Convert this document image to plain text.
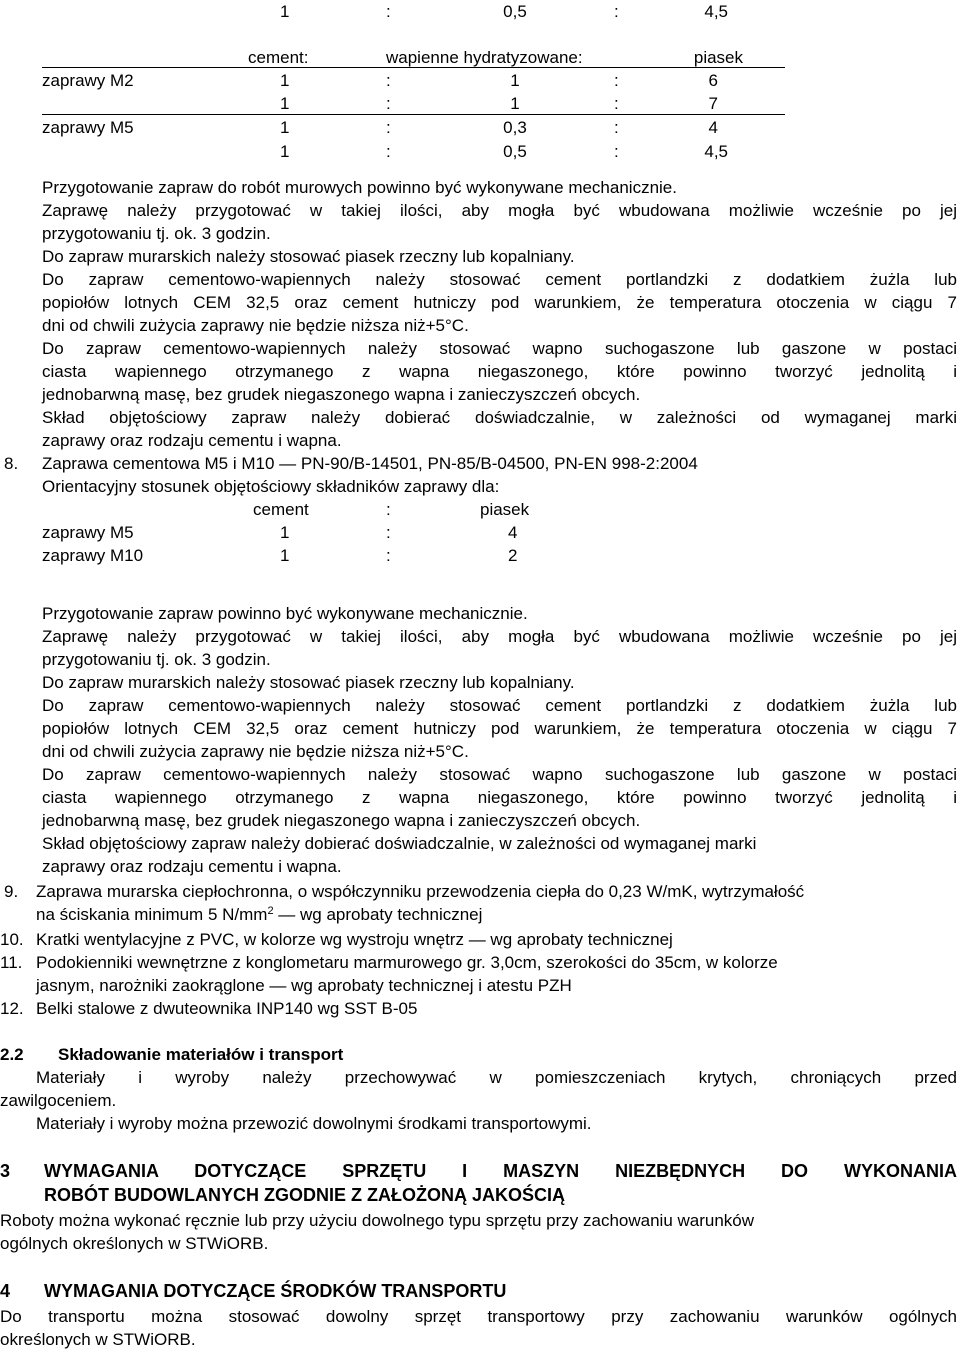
1	:	0,5	:	4,5
cement:	wapienne hydratyzowane:	piasek
zaprawy M2	1	:	1	:	6
1	:	1	:	7
zaprawy M5	1	:	0,3	:	4
1	:	0,5	:	4,5
Przygotowanie zapraw do robót murowych powinno być wykonywane mechanicznie.
Zaprawę należy przygotować w takiej ilości, aby mogła być wbudowana możliwie wcześnie po jej
przygotowaniu tj. ok. 3 godzin.
Do zapraw murarskich należy stosować piasek rzeczny lub kopalniany.
Do zapraw cementowo-wapiennych należy stosować cement portlandzki z dodatkiem żużla lub
popiołów lotnych CEM 32,5 oraz cement hutniczy pod warunkiem, że temperatura otoczenia w ciągu 7
dni od chwili zużycia zaprawy nie będzie niższa niż+5°C.
Do zapraw cementowo-wapiennych należy stosować wapno suchogaszone lub gaszone w postaci
ciasta wapiennego otrzymanego z wapna niegaszonego, które powinno tworzyć jednolitą i
jednobarwną masę, bez grudek niegaszonego wapna i zanieczyszczeń obcych.
Skład objętościowy zapraw należy dobierać doświadczalnie, w zależności od wymaganej marki
zaprawy oraz rodzaju cementu i wapna.
8. Zaprawa cementowa M5 i M10 — PN-90/B-14501, PN-85/B-04500, PN-EN 998-2:2004
Orientacyjny stosunek objętościowy składników zaprawy dla:
cement	:	piasek
zaprawy M5	1	:	4
zaprawy M10	1	:	2
Przygotowanie zapraw powinno być wykonywane mechanicznie.
Zaprawę należy przygotować w takiej ilości, aby mogła być wbudowana możliwie wcześnie po jej
przygotowaniu tj. ok. 3 godzin.
Do zapraw murarskich należy stosować piasek rzeczny lub kopalniany.
Do zapraw cementowo-wapiennych należy stosować cement portlandzki z dodatkiem żużla lub
popiołów lotnych CEM 32,5 oraz cement hutniczy pod warunkiem, że temperatura otoczenia w ciągu 7
dni od chwili zużycia zaprawy nie będzie niższa niż+5°C.
Do zapraw cementowo-wapiennych należy stosować wapno suchogaszone lub gaszone w postaci
ciasta wapiennego otrzymanego z wapna niegaszonego, które powinno tworzyć jednolitą i
jednobarwną masę, bez grudek niegaszonego wapna i zanieczyszczeń obcych.
Skład objętościowy zapraw należy dobierać doświadczalnie, w zależności od wymaganej marki
zaprawy oraz rodzaju cementu i wapna.
9. Zaprawa murarska ciepłochronna, o współczynniku przewodzenia ciepła do 0,23 W/mK, wytrzymałość
na ściskania minimum 5 $N/mm^2$ — wg aprobaty technicznej
10. Kratki wentylacyjne z PVC, w kolorze wg wystroju wnętrz — wg aprobaty technicznej
11. Podokienniki wewnętrzne z konglometaru marmurowego gr. 3,0cm, szerokości do 35cm, w kolorze
jasnym, narożniki zaokrąglone — wg aprobaty technicznej i atestu PZH
12. Belki stalowe z dwuteownika INP140 wg SST B-05
2.2 Składowanie materiałów i transport
Materiały i wyroby należy przechowywać w pomieszczeniach krytych, chroniących przed
zawilgoceniem.
Materiały i wyroby można przewozić dowolnymi środkami transportowymi.
3 WYMAGANIA DOTYCZĄCE SPRZĘTU I MASZYN NIEZBĘDNYCH DO WYKONANIA
ROBÓT BUDOWLANYCH ZGODNIE Z ZAŁOŻONĄ JAKOŚCIĄ
Roboty można wykonać ręcznie lub przy użyciu dowolnego typu sprzętu przy zachowaniu warunków
ogólnych określonych w STWiORB.
4 WYMAGANIA DOTYCZĄCE ŚRODKÓW TRANSPORTU
Do transportu można stosować dowolny sprzęt transportowy przy zachowaniu warunków ogólnych
określonych w STWiORB.
